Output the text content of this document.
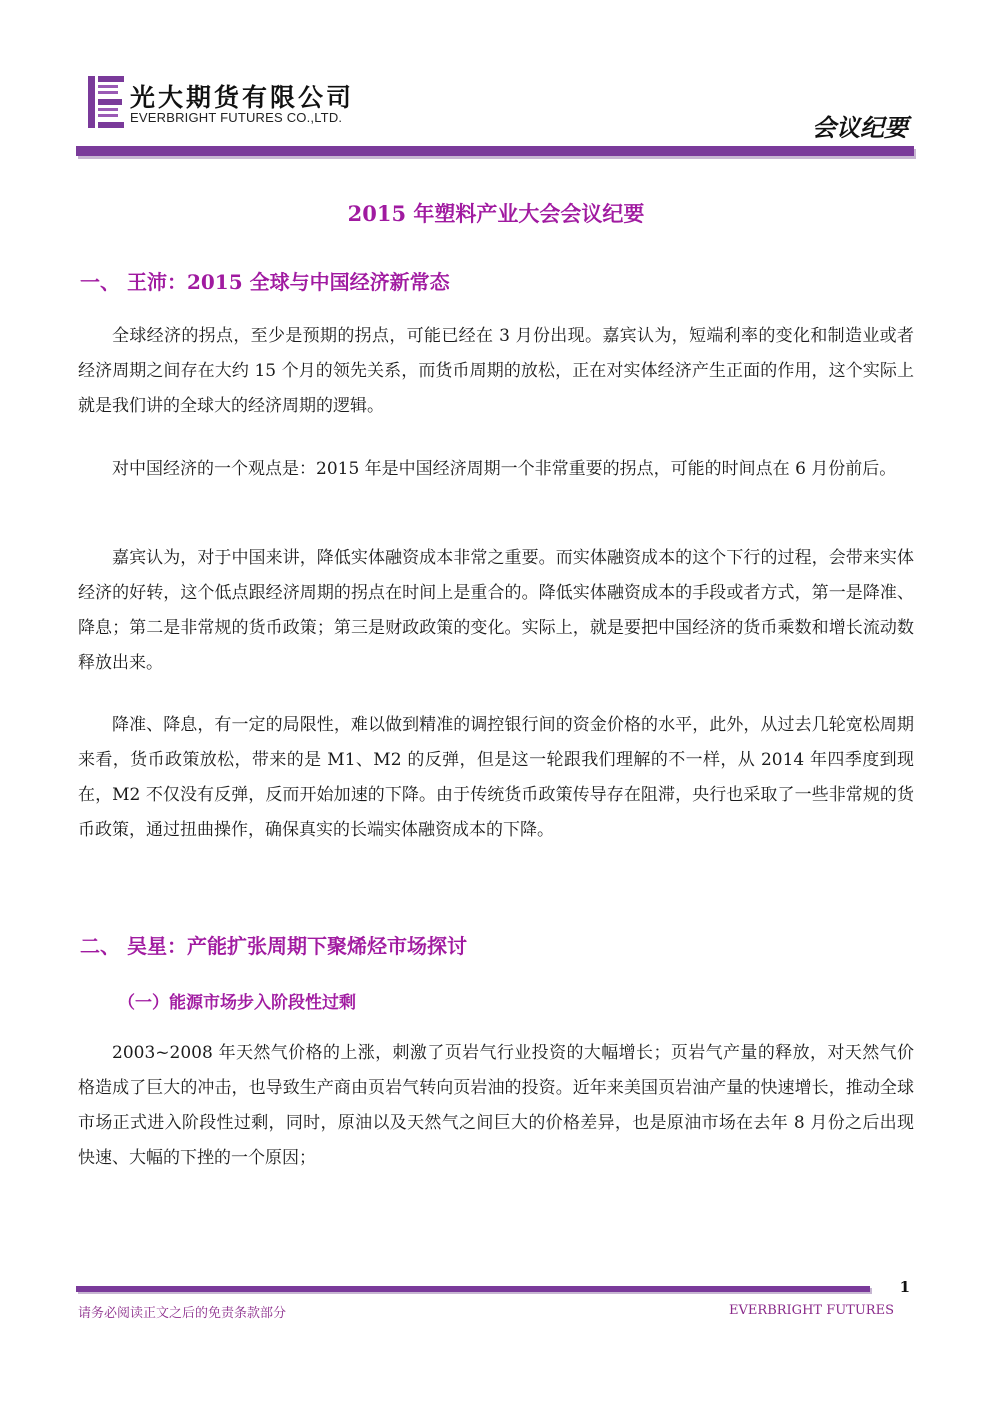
光大期货有限公司
EVERBRIGHT FUTURES CO.,LTD.	会议纪要
2015 年塑料产业大会会议纪要
一、 王沛：2015 全球与中国经济新常态
全球经济的拐点，至少是预期的拐点，可能已经在 3 月份出现。嘉宾认为，短端利率的变化和制造业或者经济周期之间存在大约 15 个月的领先关系，而货币周期的放松，正在对实体经济产生正面的作用，这个实际上就是我们讲的全球大的经济周期的逻辑。
对中国经济的一个观点是：2015 年是中国经济周期一个非常重要的拐点，可能的时间点在 6 月份前后。
嘉宾认为，对于中国来讲，降低实体融资成本非常之重要。而实体融资成本的这个下行的过程，会带来实体经济的好转，这个低点跟经济周期的拐点在时间上是重合的。降低实体融资成本的手段或者方式，第一是降准、降息；第二是非常规的货币政策；第三是财政政策的变化。实际上，就是要把中国经济的货币乘数和增长流动数释放出来。
降准、降息，有一定的局限性，难以做到精准的调控银行间的资金价格的水平，此外，从过去几轮宽松周期来看，货币政策放松，带来的是 M1、M2 的反弹，但是这一轮跟我们理解的不一样，从 2014 年四季度到现在，M2 不仅没有反弹，反而开始加速的下降。由于传统货币政策传导存在阻滞，央行也采取了一些非常规的货币政策，通过扭曲操作，确保真实的长端实体融资成本的下降。
二、 吴星：产能扩张周期下聚烯烃市场探讨
（一）能源市场步入阶段性过剩
2003~2008 年天然气价格的上涨，刺激了页岩气行业投资的大幅增长；页岩气产量的释放，对天然气价格造成了巨大的冲击，也导致生产商由页岩气转向页岩油的投资。近年来美国页岩油产量的快速增长，推动全球市场正式进入阶段性过剩，同时，原油以及天然气之间巨大的价格差异，也是原油市场在去年 8 月份之后出现快速、大幅的下挫的一个原因；
1
请务必阅读正文之后的免责条款部分	EVERBRIGHT FUTURES
